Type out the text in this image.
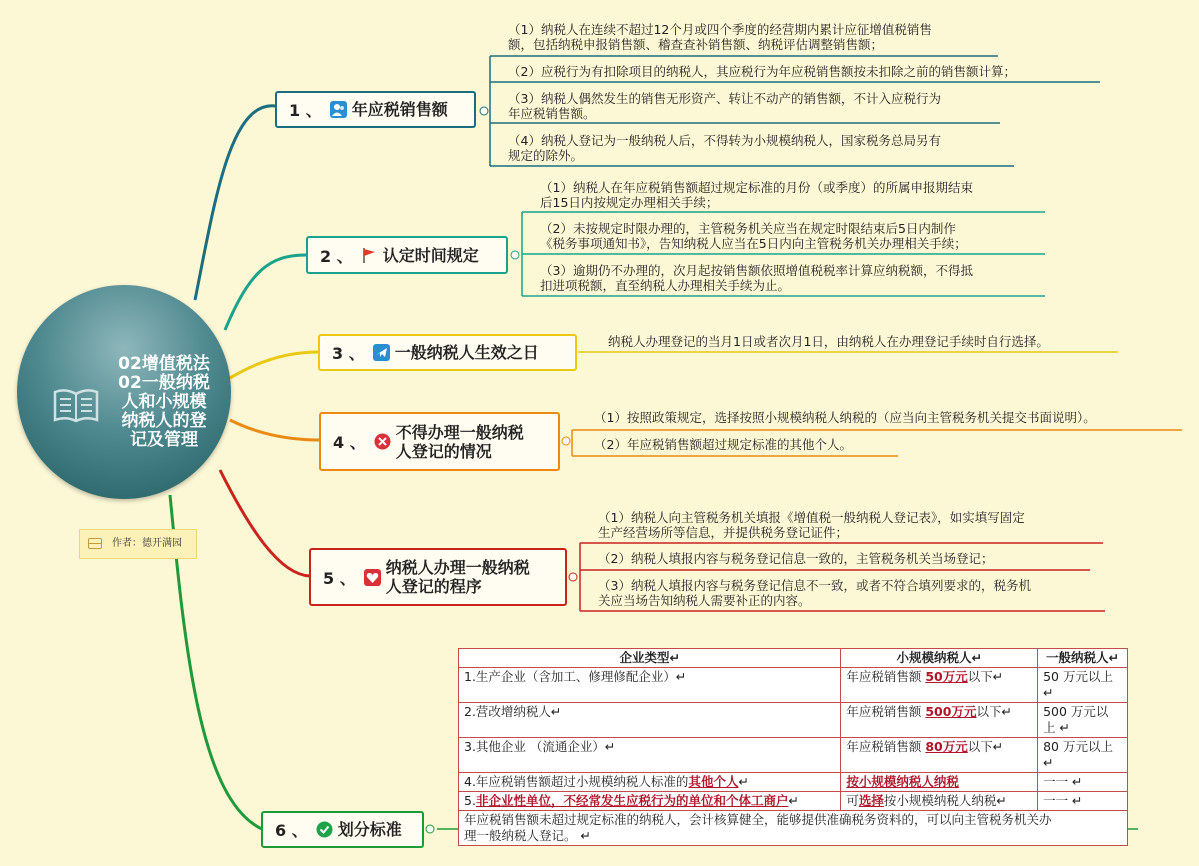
02增值税法
02一般纳税
人和小规模
纳税人的登
记及管理
作者：德开满园
1 、 年应税销售额
2 、 认定时间规定
3 、 一般纳税人生效之日
4 、
不得办理一般纳税
人登记的情况
5 、
纳税人办理一般纳税
人登记的程序
6 、 划分标准
（1）纳税人在连续不超过12个月或四个季度的经营期内累计应征增值税销售
额，包括纳税申报销售额、稽查查补销售额、纳税评估调整销售额；
（2）应税行为有扣除项目的纳税人，其应税行为年应税销售额按未扣除之前的销售额计算；
（3）纳税人偶然发生的销售无形资产、转让不动产的销售额，不计入应税行为
年应税销售额。
（4）纳税人登记为一般纳税人后，不得转为小规模纳税人，国家税务总局另有
规定的除外。
（1）纳税人在年应税销售额超过规定标准的月份（或季度）的所属申报期结束
后15日内按规定办理相关手续；
（2）未按规定时限办理的，主管税务机关应当在规定时限结束后5日内制作
《税务事项通知书》，告知纳税人应当在5日内向主管税务机关办理相关手续；
（3）逾期仍不办理的，次月起按销售额依照增值税税率计算应纳税额，不得抵
扣进项税额，直至纳税人办理相关手续为止。
纳税人办理登记的当月1日或者次月1日，由纳税人在办理登记手续时自行选择。
（1）按照政策规定，选择按照小规模纳税人纳税的（应当向主管税务机关提交书面说明）。
（2）年应税销售额超过规定标准的其他个人。
（1）纳税人向主管税务机关填报《增值税一般纳税人登记表》，如实填写固定
生产经营场所等信息，并提供税务登记证件；
（2）纳税人填报内容与税务登记信息一致的，主管税务机关当场登记；
（3）纳税人填报内容与税务登记信息不一致，或者不符合填列要求的，税务机
关应当场告知纳税人需要补正的内容。
企业类型↵	小规模纳税人↵	一般纳税人↵
1.生产企业（含加工、修理修配企业）↵	年应税销售额 50万元以下↵	50 万元以上↵
2.营改增纳税人↵	年应税销售额 500万元以下↵	500 万元以
上 ↵
3.其他企业 （流通企业）↵	年应税销售额 80万元以下↵	80 万元以上↵
4.年应税销售额超过小规模纳税人标准的其他个人↵	按小规模纳税人纳税	一一 ↵
5.非企业性单位，不经常发生应税行为的单位和个体工商户↵	可选择按小规模纳税人纳税↵	一一 ↵
年应税销售额未超过规定标准的纳税人，会计核算健全，能够提供准确税务资料的，可以向主管税务机关办
理一般纳税人登记。 ↵		
